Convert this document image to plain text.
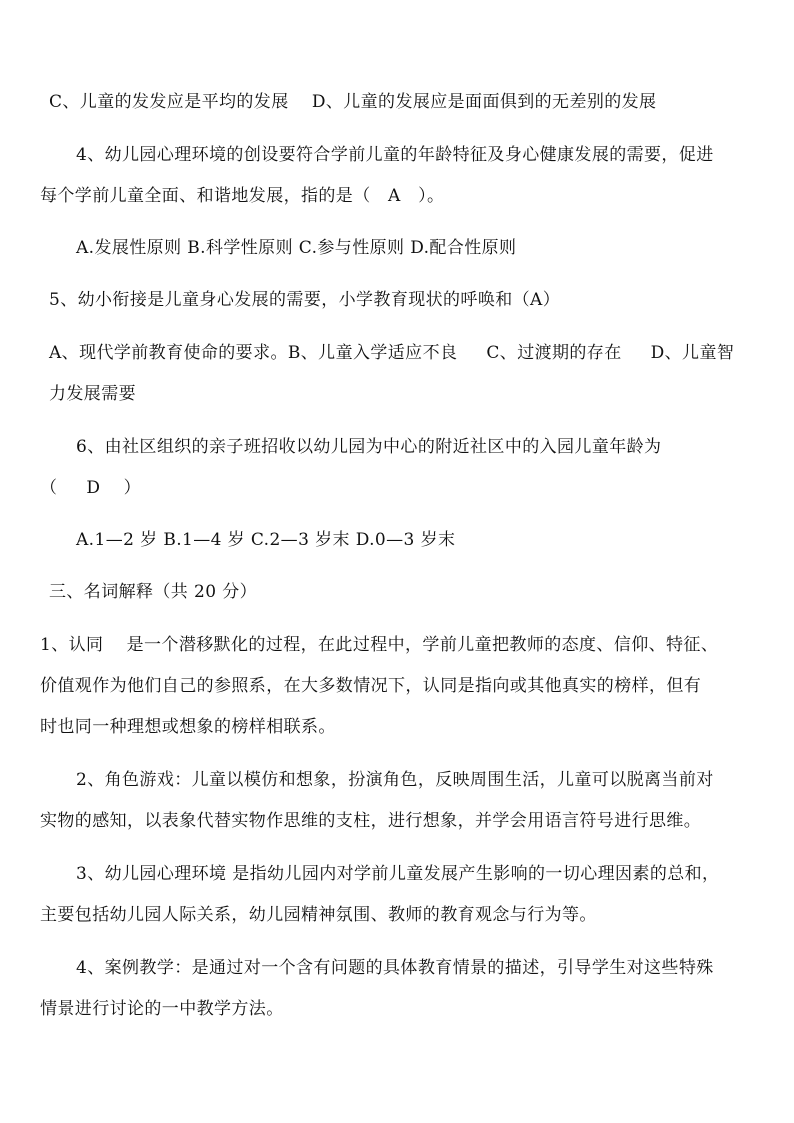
C、儿童的发发应是平均的发展    D、儿童的发展应是面面俱到的无差别的发展
4、幼儿园心理环境的创设要符合学前儿童的年龄特征及身心健康发展的需要，促进
每个学前儿童全面、和谐地发展，指的是（   A   ）。
A.发展性原则 B.科学性原则 C.参与性原则 D.配合性原则
5、幼小衔接是儿童身心发展的需要，小学教育现状的呼唤和（A）
A、现代学前教育使命的要求。B、儿童入学适应不良     C、过渡期的存在     D、儿童智
力发展需要
6、由社区组织的亲子班招收以幼儿园为中心的附近社区中的入园儿童年龄为
（     D    ）
A.1—2 岁 B.1—4 岁 C.2—3 岁末 D.0—3 岁末
三、名词解释（共 20 分）
1、认同    是一个潜移默化的过程，在此过程中，学前儿童把教师的态度、信仰、特征、
价值观作为他们自己的参照系，在大多数情况下，认同是指向或其他真实的榜样，但有
时也同一种理想或想象的榜样相联系。
2、角色游戏：儿童以模仿和想象，扮演角色，反映周围生活，儿童可以脱离当前对
实物的感知，以表象代替实物作思维的支柱，进行想象，并学会用语言符号进行思维。
3、幼儿园心理环境 是指幼儿园内对学前儿童发展产生影响的一切心理因素的总和，
主要包括幼儿园人际关系，幼儿园精神氛围、教师的教育观念与行为等。
4、案例教学：是通过对一个含有问题的具体教育情景的描述，引导学生对这些特殊
情景进行讨论的一中教学方法。
